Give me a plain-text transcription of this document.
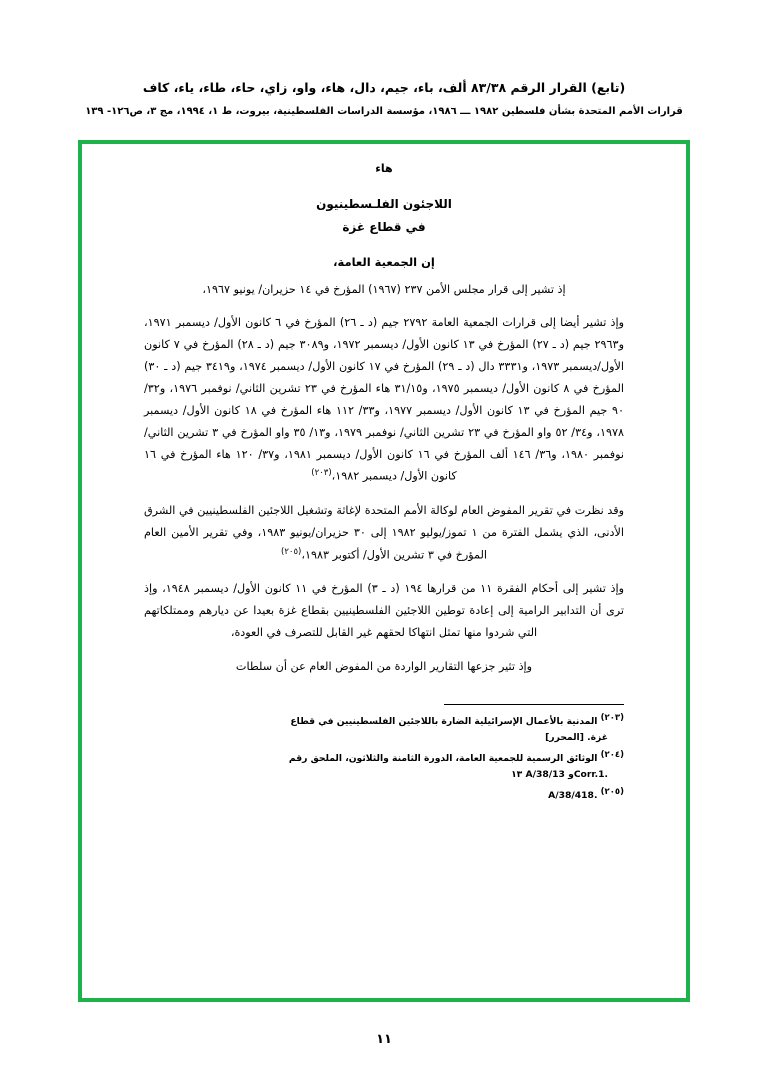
(تابع) القرار الرقم ٨٣/٣٨ ألف، باء، جيم، دال، هاء، واو، زاي، حاء، طاء، ياء، كاف
قرارات الأمم المتحدة بشأن فلسطين ١٩٨٢ ـــ ١٩٨٦، مؤسسة الدراسات الفلسطينية، بيروت، ط ١، ١٩٩٤، مج ٣، ص١٢٦- ١٣٩
هاء
اللاجئون الفلـسطينيون
في قطاع غزة
إن الجمعية العامة،

إذ تشير إلى قرار مجلس الأمن ٢٣٧ (١٩٦٧) المؤرخ في ١٤ حزيران/ يونيو ١٩٦٧،

وإذ تشير أيضا إلى قرارات الجمعية العامة ٢٧٩٢ جيم (د ـ ٢٦) المؤرخ في ٦ كانون الأول/ ديسمبر ١٩٧١، و٢٩٦٣ جيم (د ـ ٢٧) المؤرخ في ١٣ كانون الأول/ ديسمبر ١٩٧٢، و٣٠٨٩ جيم (د ـ ٢٨) المؤرخ في ٧ كانون الأول/ديسمبر ١٩٧٣، و٣٣٣١ دال (د ـ ٢٩) المؤرخ في ١٧ كانون الأول/ ديسمبر ١٩٧٤، و٣٤١٩ جيم (د ـ ٣٠) المؤرخ في ٨ كانون الأول/ ديسمبر ١٩٧٥، و٣١/١٥ هاء المؤرخ في ٢٣ تشرين الثاني/ نوفمبر ١٩٧٦، و٣٢/ ٩٠ جيم المؤرخ في ١٣ كانون الأول/ ديسمبر ١٩٧٧، و٣٣/ ١١٢ هاء المؤرخ في ١٨ كانون الأول/ ديسمبر ١٩٧٨، و٣٤/ ٥٢ واو المؤرخ في ٢٣ تشرين الثاني/ نوفمبر ١٩٧٩، و١٣/ ٣٥ واو المؤرخ في ٣ تشرين الثاني/ نوفمبر ١٩٨٠، و٣٦/ ١٤٦ ألف المؤرخ في ١٦ كانون الأول/ ديسمبر ١٩٨١، و٣٧/ ١٢٠ هاء المؤرخ في ١٦ كانون الأول/ ديسمبر ١٩٨٢،$^{(٢٠٣)}$

وقد نظرت في تقرير المفوض العام لوكالة الأمم المتحدة لإغاثة وتشغيل اللاجئين الفلسطينيين في الشرق الأدنى، الذي يشمل الفترة من ١ تموز/يوليو ١٩٨٢ إلى ٣٠ حزيران/يونيو ١٩٨٣، وفي تقرير الأمين العام المؤرخ في ٣ تشرين الأول/ أكتوبر ١٩٨٣،$^{(٢٠٥)}$

وإذ تشير إلى أحكام الفقرة ١١ من قرارها ١٩٤ (د ـ ٣) المؤرخ في ١١ كانون الأول/ ديسمبر ١٩٤٨، وإذ ترى أن التدابير الرامية إلى إعادة توطين اللاجئين الفلسطينيين بقطاع غزة بعيدا عن ديارهم وممتلكاتهم التي شردوا منها تمثل انتهاكا لحقهم غير القابل للتصرف في العودة،

وإذ تثير جزعها التقارير الواردة من المفوض العام عن أن سلطات

(٢٠٣) المدنية بالأعمال الإسرائيلية الضارة باللاجئين الفلسطينيين في قطاع
غزة. [المحرر]
(٢٠٤) الوثائق الرسمية للجمعية العامة، الدورة الثامنة والثلاثون، الملحق رقم
١٣ A/38/13 وCorr.1.
(٢٠٥) A/38/418.
١١
